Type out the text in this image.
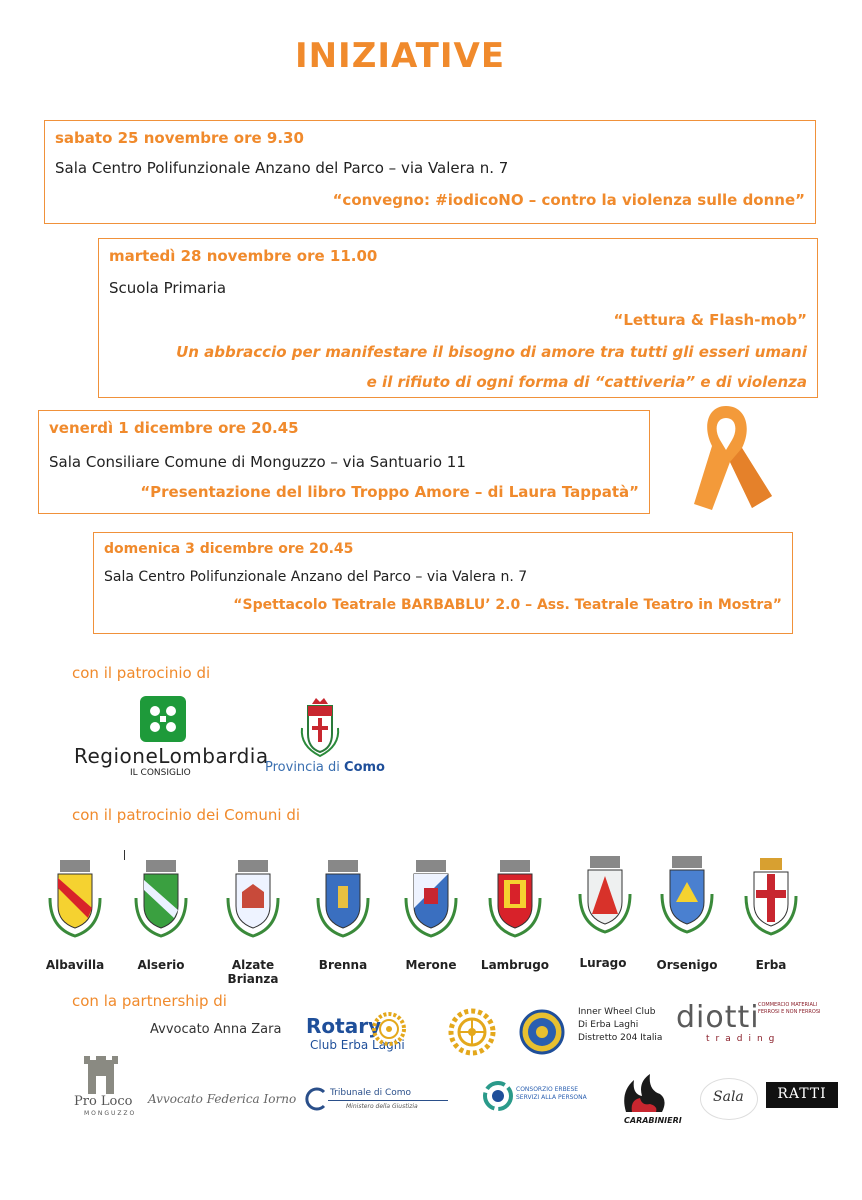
INIZIATIVE
sabato 25 novembre ore 9.30
Sala Centro Polifunzionale Anzano del Parco – via Valera n. 7
“convegno: #iodicoNO – contro la violenza sulle donne”
martedì 28 novembre ore 11.00
Scuola Primaria
“Lettura & Flash-mob”
Un abbraccio per manifestare il bisogno di amore tra tutti gli esseri umani
e il rifiuto di ogni forma di “cattiveria” e di violenza
venerdì 1 dicembre ore 20.45
Sala Consiliare Comune di Monguzzo – via Santuario 11
“Presentazione del libro Troppo Amore – di Laura Tappatà”
domenica 3 dicembre ore 20.45
Sala Centro Polifunzionale Anzano del Parco – via Valera n. 7
“Spettacolo Teatrale BARBABLU’ 2.0 – Ass. Teatrale Teatro in Mostra”
con il patrocinio di
RegioneLombardia
IL CONSIGLIO	Provincia di Como
con il patrocinio dei Comuni di
Albavilla	Alserio	Alzate Brianza
Brenna	Merone	Lambrugo	Lurago	Orsenigo	Erba
con la partnership di
Avvocato Anna Zara Rotary
Club Erba Laghi
Inner Wheel Club
Di Erba Laghi
Distretto 204 Italia
diotti
trading
COMMERCIO MATERIALI
FERROSI E NON FERROSI
Pro Loco
MONGUZZO
Avvocato Federica Iorno	Tribunale di Como
Ministero della Giustizia
CONSORZIO ERBESE
SERVIZI ALLA PERSONA
CARABINIERI
Sala	RATTI
